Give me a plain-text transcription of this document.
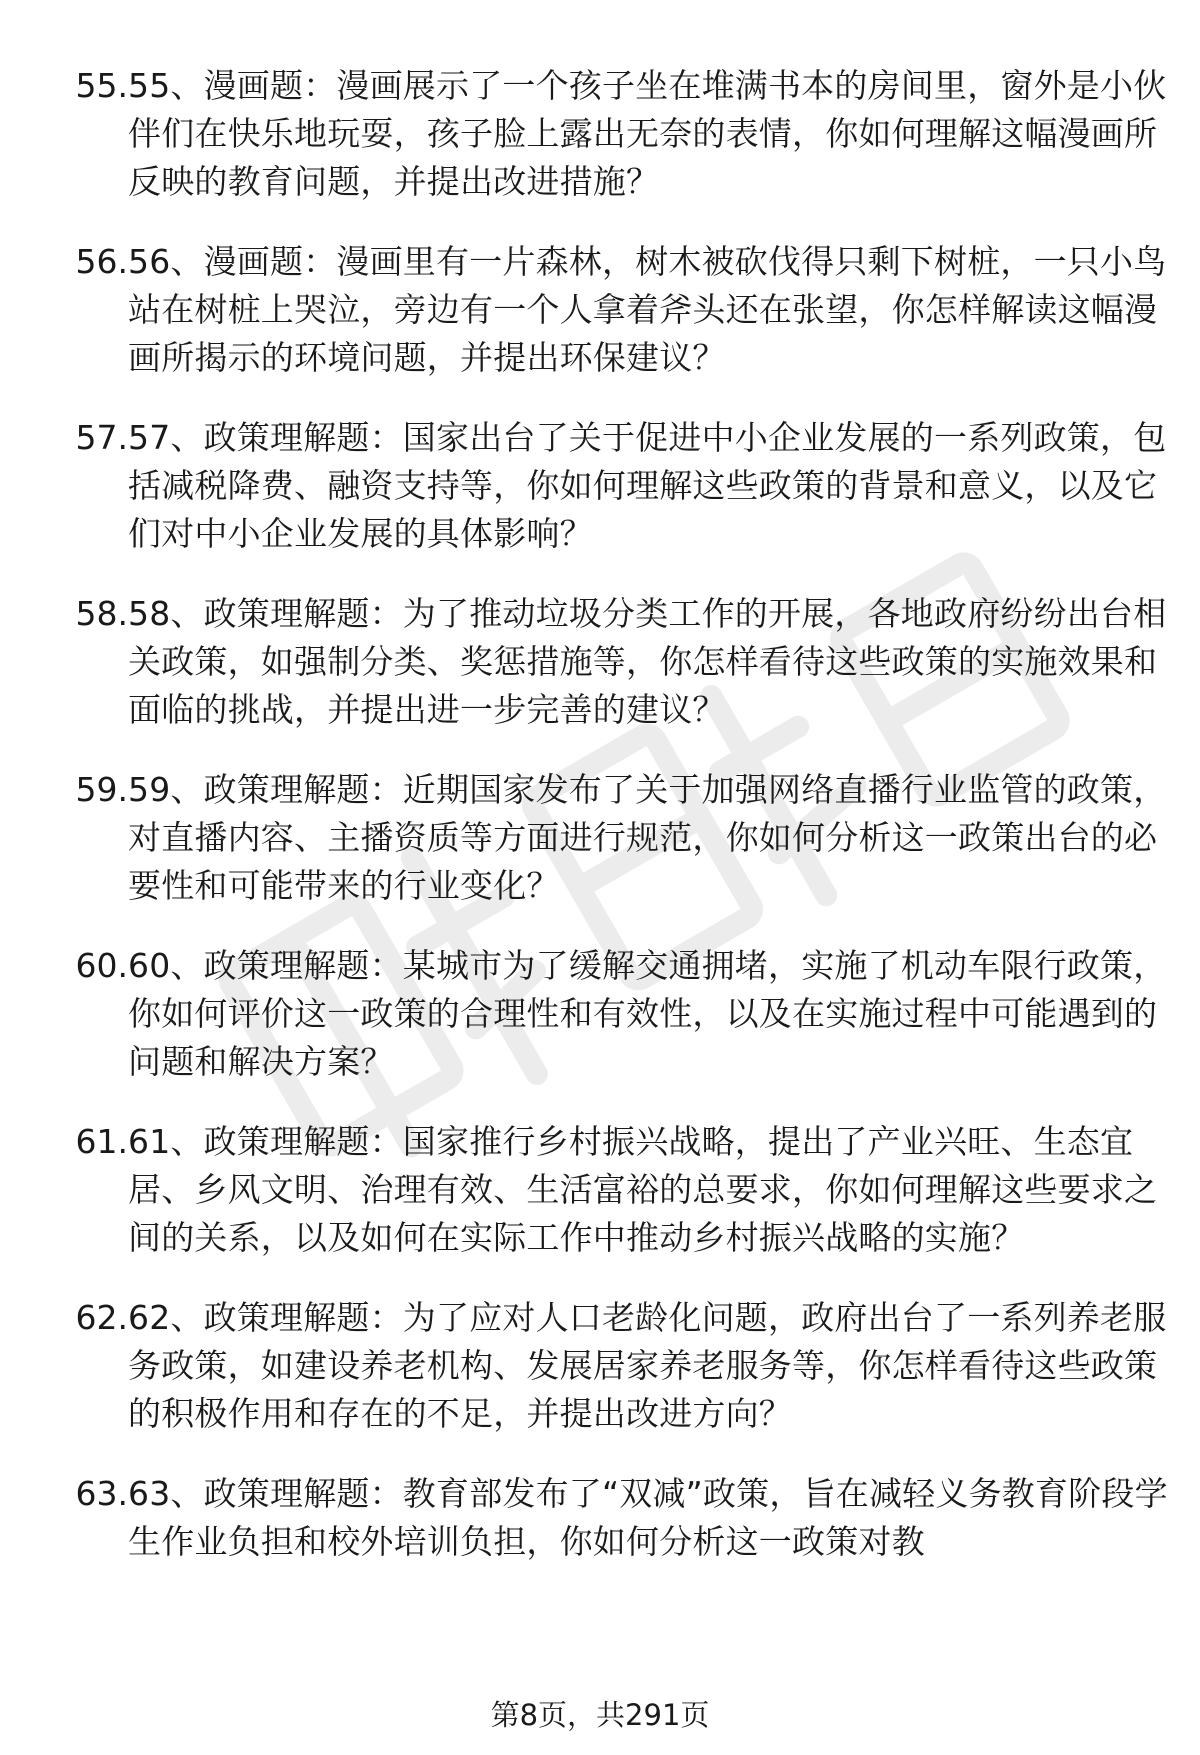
55. 55、漫画题：漫画展示了一个孩子坐在堆满书本的房间里，窗外是小伙伴们在快乐地玩耍，孩子脸上露出无奈的表情，你如何理解这幅漫画所反映的教育问题，并提出改进措施？
56. 56、漫画题：漫画里有一片森林，树木被砍伐得只剩下树桩，一只小鸟站在树桩上哭泣，旁边有一个人拿着斧头还在张望，你怎样解读这幅漫画所揭示的环境问题，并提出环保建议？
57. 57、政策理解题：国家出台了关于促进中小企业发展的一系列政策，包括减税降费、融资支持等，你如何理解这些政策的背景和意义，以及它们对中小企业发展的具体影响？
58. 58、政策理解题：为了推动垃圾分类工作的开展，各地政府纷纷出台相关政策，如强制分类、奖惩措施等，你怎样看待这些政策的实施效果和面临的挑战，并提出进一步完善的建议？
59. 59、政策理解题：近期国家发布了关于加强网络直播行业监管的政策，对直播内容、主播资质等方面进行规范，你如何分析这一政策出台的必要性和可能带来的行业变化？
60. 60、政策理解题：某城市为了缓解交通拥堵，实施了机动车限行政策，你如何评价这一政策的合理性和有效性，以及在实施过程中可能遇到的问题和解决方案？
61. 61、政策理解题：国家推行乡村振兴战略，提出了产业兴旺、生态宜居、乡风文明、治理有效、生活富裕的总要求，你如何理解这些要求之间的关系，以及如何在实际工作中推动乡村振兴战略的实施？
62. 62、政策理解题：为了应对人口老龄化问题，政府出台了一系列养老服务政策，如建设养老机构、发展居家养老服务等，你怎样看待这些政策的积极作用和存在的不足，并提出改进方向？
63. 63、政策理解题：教育部发布了“双减”政策，旨在减轻义务教育阶段学生作业负担和校外培训负担，你如何分析这一政策对教
第8页，共291页
